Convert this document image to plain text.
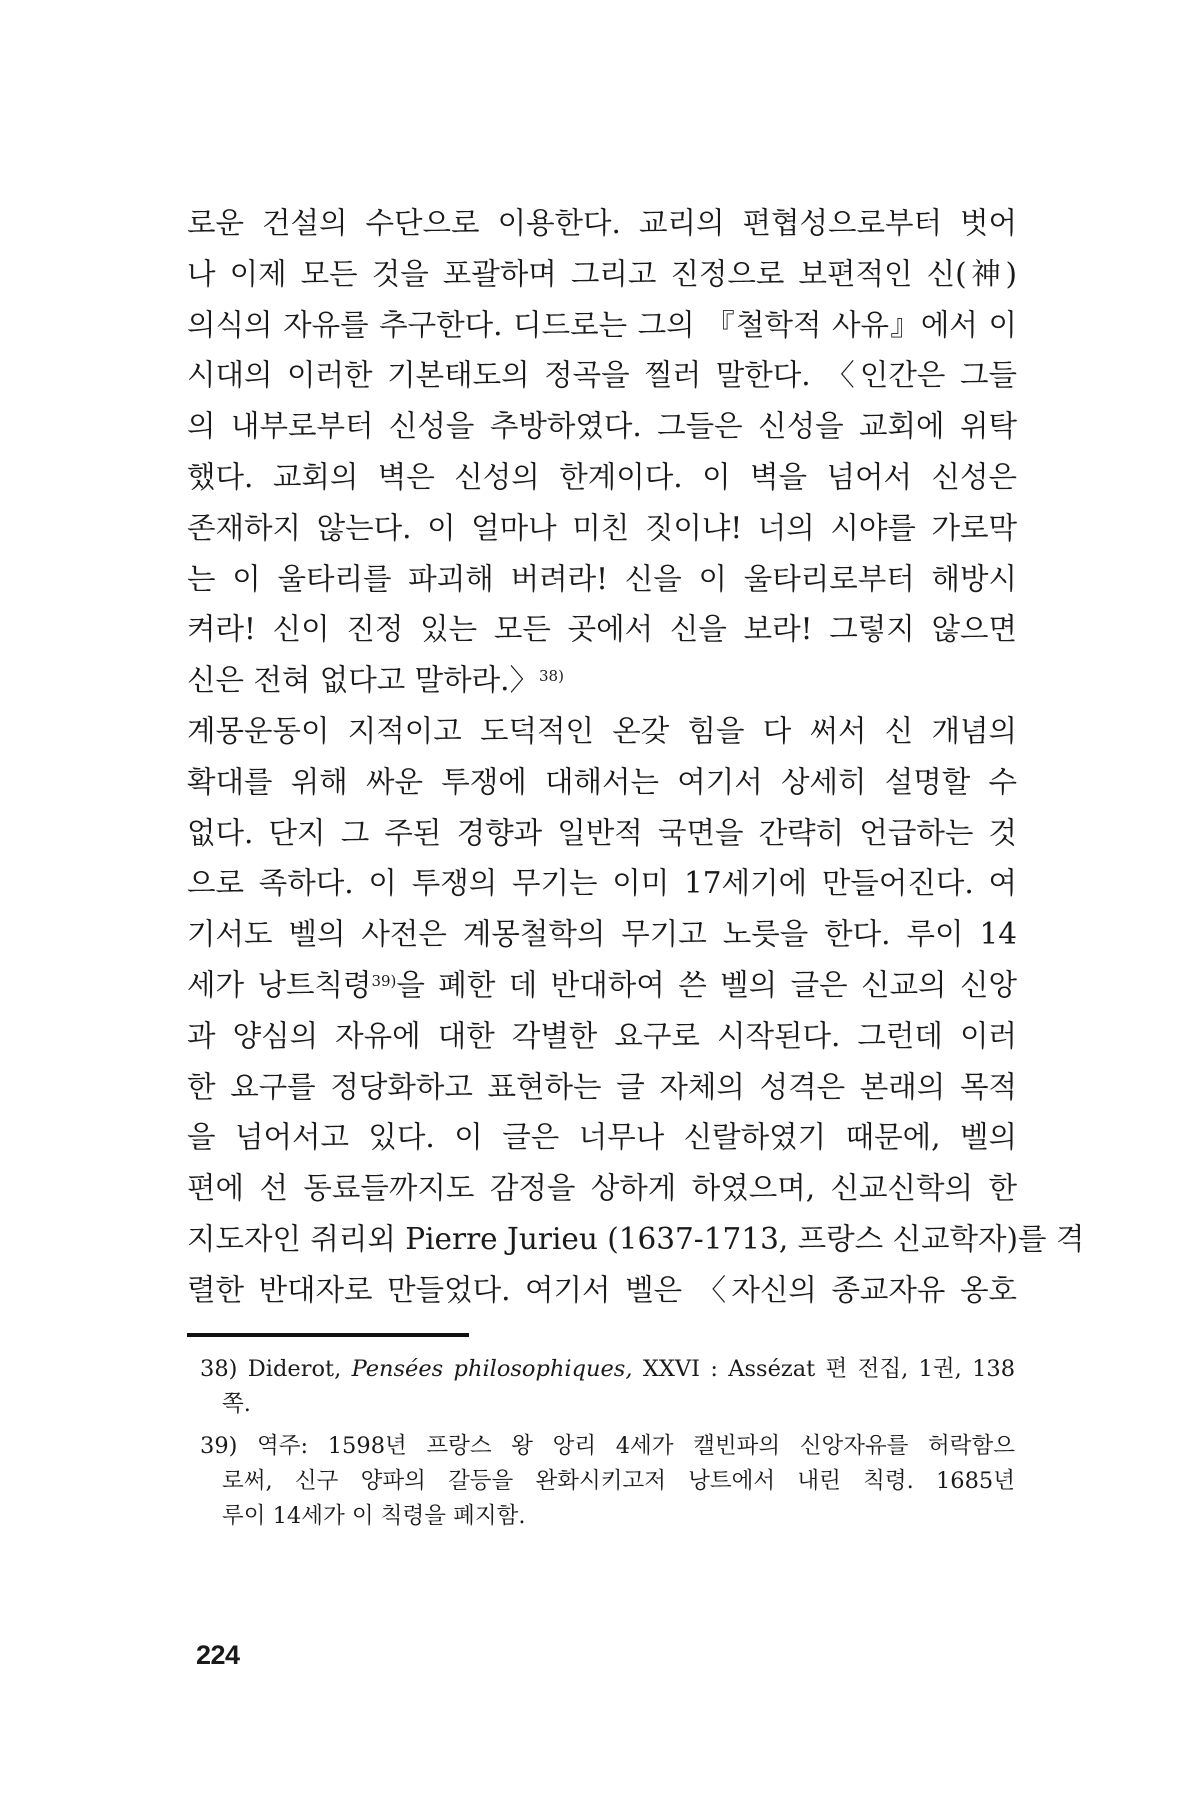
로운 건설의 수단으로 이용한다. 교리의 편협성으로부터 벗어
나 이제 모든 것을 포괄하며 그리고 진정으로 보편적인 신(神)
의식의 자유를 추구한다. 디드로는 그의 『철학적 사유』에서 이
시대의 이러한 기본태도의 정곡을 찔러 말한다. 〈인간은 그들
의 내부로부터 신성을 추방하였다. 그들은 신성을 교회에 위탁
했다. 교회의 벽은 신성의 한계이다. 이 벽을 넘어서 신성은
존재하지 않는다. 이 얼마나 미친 짓이냐! 너의 시야를 가로막
는 이 울타리를 파괴해 버려라! 신을 이 울타리로부터 해방시
켜라! 신이 진정 있는 모든 곳에서 신을 보라! 그렇지 않으면
신은 전혀 없다고 말하라.〉$^{38)}$
계몽운동이 지적이고 도덕적인 온갖 힘을 다 써서 신 개념의
확대를 위해 싸운 투쟁에 대해서는 여기서 상세히 설명할 수
없다. 단지 그 주된 경향과 일반적 국면을 간략히 언급하는 것
으로 족하다. 이 투쟁의 무기는 이미 17세기에 만들어진다. 여
기서도 벨의 사전은 계몽철학의 무기고 노릇을 한다. 루이 14
세가 낭트칙령$^{39)}$을 폐한 데 반대하여 쓴 벨의 글은 신교의 신앙
과 양심의 자유에 대한 각별한 요구로 시작된다. 그런데 이러
한 요구를 정당화하고 표현하는 글 자체의 성격은 본래의 목적
을 넘어서고 있다. 이 글은 너무나 신랄하였기 때문에, 벨의
편에 선 동료들까지도 감정을 상하게 하였으며, 신교신학의 한
지도자인 쥐리외 Pierre Jurieu (1637-1713, 프랑스 신교학자)를 격
렬한 반대자로 만들었다. 여기서 벨은 〈자신의 종교자유 옹호
38) Diderot, Pensées philosophiques, XXVI : Assézat 편 전집, 1권, 138
쪽.
39) 역주: 1598년 프랑스 왕 앙리 4세가 캘빈파의 신앙자유를 허락함으
로써, 신구 양파의 갈등을 완화시키고저 낭트에서 내린 칙령. 1685년
루이 14세가 이 칙령을 폐지함.
224
